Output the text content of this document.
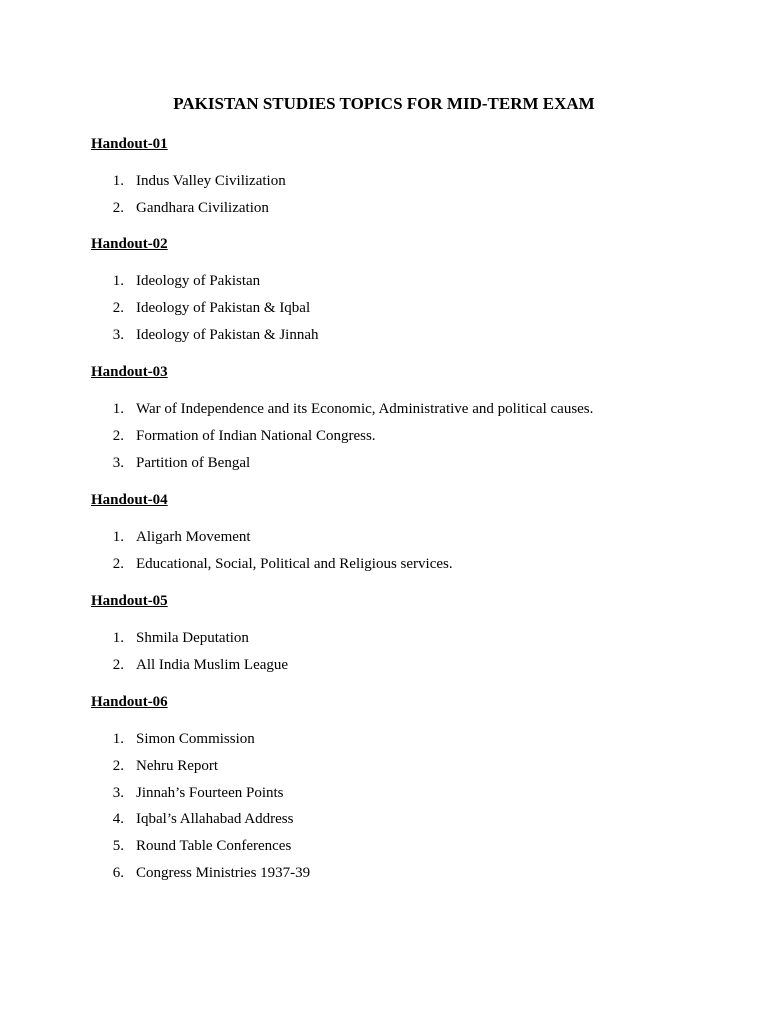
PAKISTAN STUDIES TOPICS FOR MID-TERM EXAM
Handout-01
1. Indus Valley Civilization
2. Gandhara Civilization
Handout-02
1. Ideology of Pakistan
2. Ideology of Pakistan & Iqbal
3. Ideology of Pakistan & Jinnah
Handout-03
1. War of Independence and its Economic, Administrative and political causes.
2. Formation of Indian National Congress.
3. Partition of Bengal
Handout-04
1. Aligarh Movement
2. Educational, Social, Political and Religious services.
Handout-05
1. Shmila Deputation
2. All India Muslim League
Handout-06
1. Simon Commission
2. Nehru Report
3. Jinnah’s Fourteen Points
4. Iqbal’s Allahabad Address
5. Round Table Conferences
6. Congress Ministries 1937-39
